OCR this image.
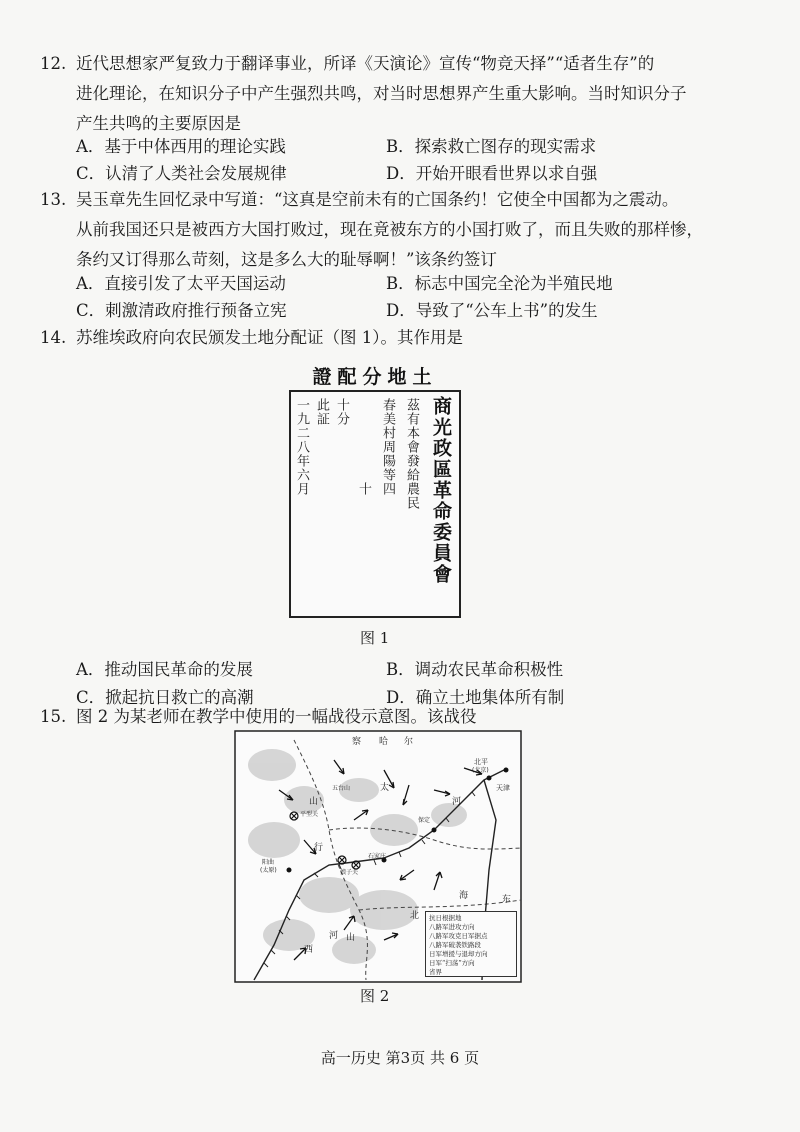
12. 近代思想家严复致力于翻译事业，所译《天演论》宣传“物竞天择”“适者生存”的
进化理论，在知识分子中产生强烈共鸣，对当时思想界产生重大影响。当时知识分子
产生共鸣的主要原因是
A．基于中体西用的理论实践	B．探索救亡图存的现实需求
C．认清了人类社会发展规律	D．开始开眼看世界以求自强
13. 吴玉章先生回忆录中写道：“这真是空前未有的亡国条约！它使全中国都为之震动。
从前我国还只是被西方大国打败过，现在竟被东方的小国打败了，而且失败的那样惨，
条约又订得那么苛刻，这是多么大的耻辱啊！”该条约签订
A．直接引发了太平天国运动	B．标志中国完全沦为半殖民地
C．刺激清政府推行预备立宪	D．导致了“公车上书”的发生
14. 苏维埃政府向农民颁发土地分配证（图 1）。其作用是
證配分地土
商光政區革命委員會
茲有本會發給農民
春美村周陽等四
十
十分
此証
一九二八年六月
图 1
A．推动国民革命的发展	B．调动农民革命积极性
C．掀起抗日救亡的高潮	D．确立土地集体所有制
15. 图 2 为某老师在教学中使用的一幅战役示意图。该战役
察 哈 尔
北平
(北京)
天津
五台山	太
保定
石家庄
娘子关
阳曲
(太原)
平型关
山
西
河
北
东
行
山
海
河
抗日根据地
八路军进攻方向
八路军攻克日军据点
八路军破袭铁路段
日军增援与退却方向
日军“扫荡”方向
省界
图 2
高一历史 第3页 共 6 页
